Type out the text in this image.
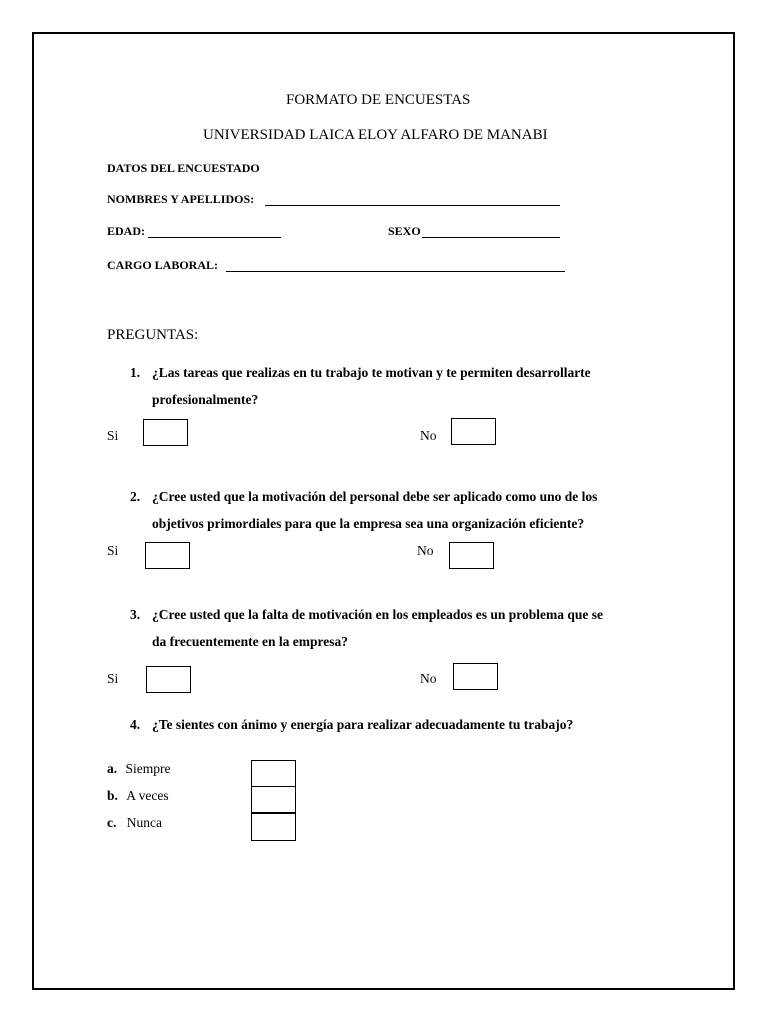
FORMATO DE ENCUESTAS
UNIVERSIDAD LAICA ELOY ALFARO DE MANABI
DATOS DEL ENCUESTADO
NOMBRES Y APELLIDOS:
EDAD:	SEXO
CARGO LABORAL:
PREGUNTAS:
1. ¿Las tareas que realizas en tu trabajo te motivan y te permiten desarrollarte
profesionalmente?
Si	No
2. ¿Cree usted que la motivación del personal debe ser aplicado como uno de los
objetivos primordiales para que la empresa sea una organización eficiente?
Si	No
3. ¿Cree usted que la falta de motivación en los empleados es un problema que se
da frecuentemente en la empresa?
Si	No
4. ¿Te sientes con ánimo y energía para realizar adecuadamente tu trabajo?
a. Siempre
b. A veces
c. Nunca
